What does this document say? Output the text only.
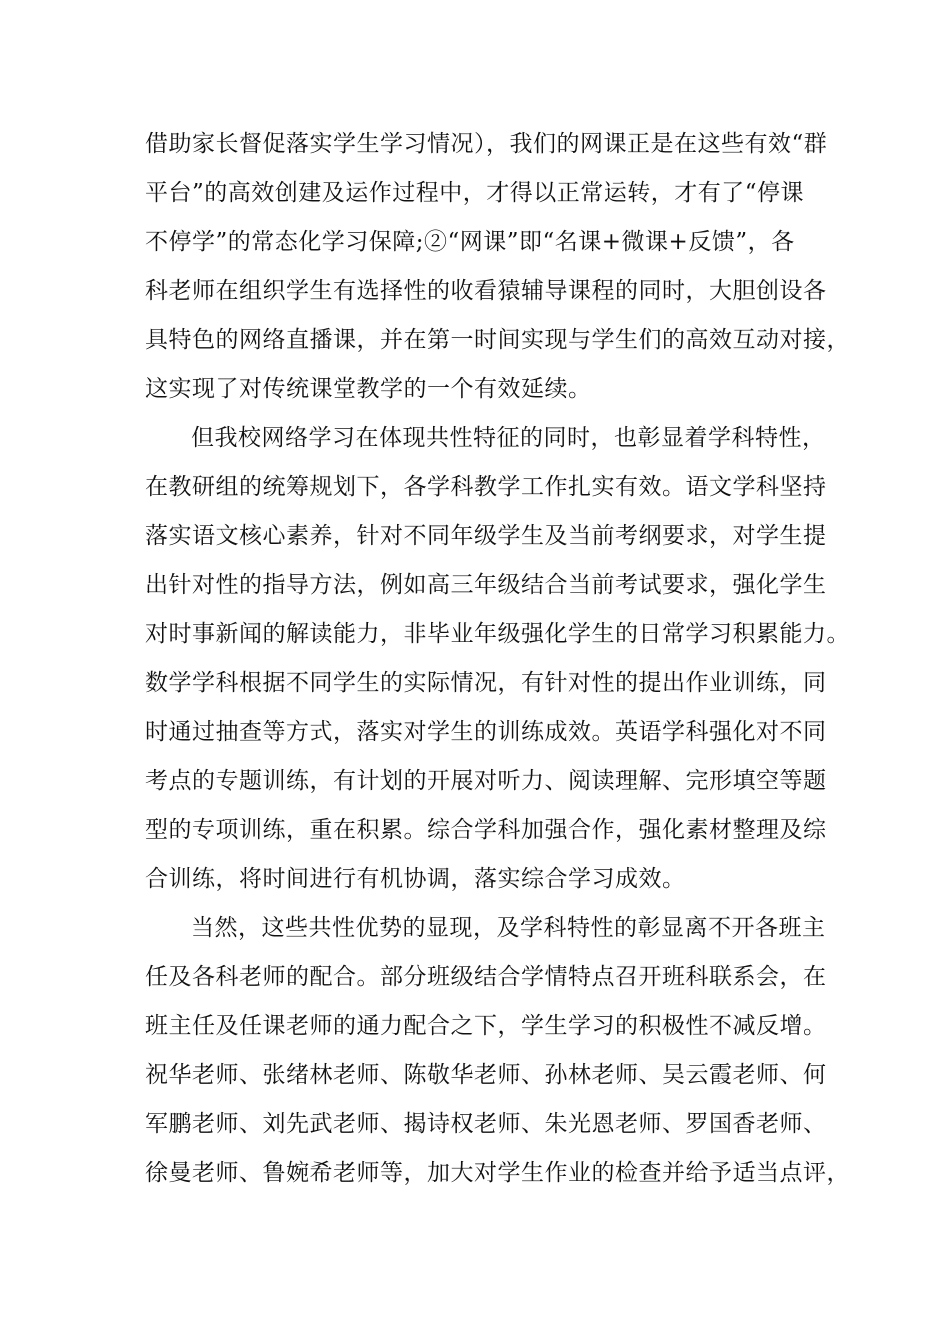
借助家长督促落实学生学习情况），我们的网课正是在这些有效“群
平台”的高效创建及运作过程中，才得以正常运转，才有了“停课
不停学”的常态化学习保障;②“网课”即“名课+微课+反馈”，各
科老师在组织学生有选择性的收看猿辅导课程的同时，大胆创设各
具特色的网络直播课，并在第一时间实现与学生们的高效互动对接，
这实现了对传统课堂教学的一个有效延续。
但我校网络学习在体现共性特征的同时，也彰显着学科特性，
在教研组的统筹规划下，各学科教学工作扎实有效。语文学科坚持
落实语文核心素养，针对不同年级学生及当前考纲要求，对学生提
出针对性的指导方法，例如高三年级结合当前考试要求，强化学生
对时事新闻的解读能力，非毕业年级强化学生的日常学习积累能力。
数学学科根据不同学生的实际情况，有针对性的提出作业训练，同
时通过抽查等方式，落实对学生的训练成效。英语学科强化对不同
考点的专题训练，有计划的开展对听力、阅读理解、完形填空等题
型的专项训练，重在积累。综合学科加强合作，强化素材整理及综
合训练，将时间进行有机协调，落实综合学习成效。
当然，这些共性优势的显现，及学科特性的彰显离不开各班主
任及各科老师的配合。部分班级结合学情特点召开班科联系会，在
班主任及任课老师的通力配合之下，学生学习的积极性不减反增。
祝华老师、张绪林老师、陈敬华老师、孙林老师、吴云霞老师、何
军鹏老师、刘先武老师、揭诗权老师、朱光恩老师、罗国香老师、
徐曼老师、鲁婉希老师等，加大对学生作业的检查并给予适当点评，
